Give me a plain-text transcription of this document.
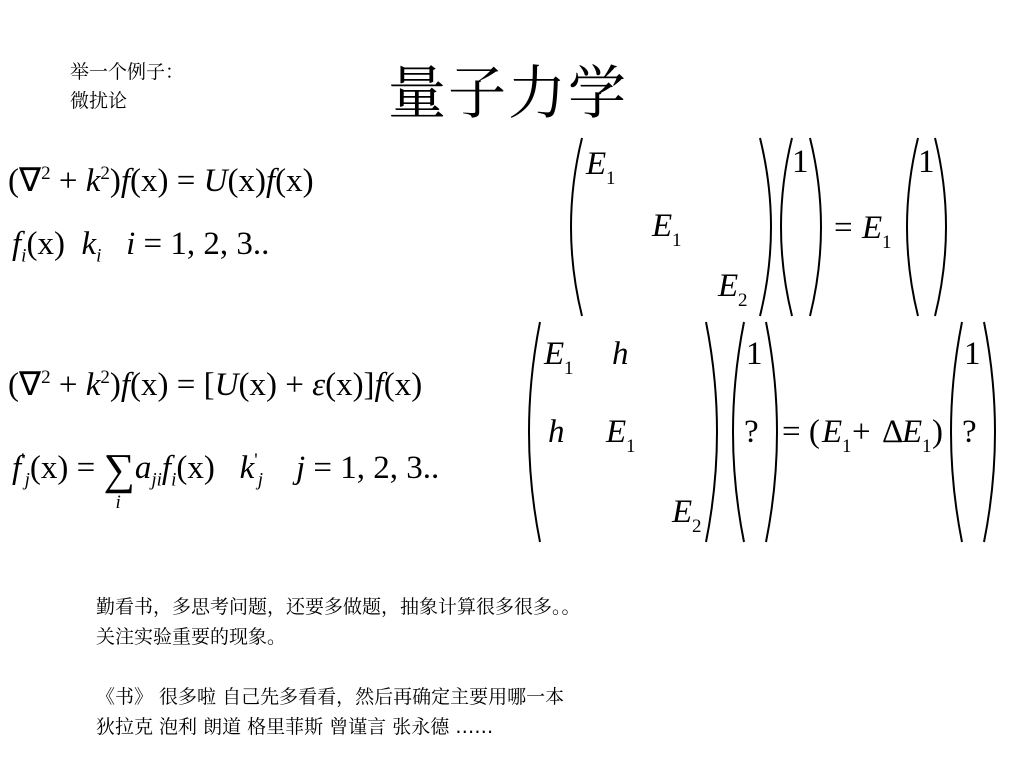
举一个例子：
微扰论	量子力学
$(\nabla^2 + k^2)f(x) = U(x)f(x)$
$f_i(x)$ $k_i$ i = 1, 2, 3..
$(\nabla^2 + k^2)f(x) = [U(x) + \varepsilon(x)]f(x)$
$f'_j(x)$ = ∑
i
$a_{ji}f_i(x)$ $k'_j$ j = 1, 2, 3..
E 1
E 1
E 2
1
= E 1
1
E 1 h
h E 1
E 2
1
? = ( E 1 + Δ
E 1 )
1
?
勤看书，多思考问题，还要多做题，抽象计算很多很多。。
关注实验重要的现象。
《书》 很多啦 自己先多看看，然后再确定主要用哪一本
狄拉克 泡利 朗道 格里菲斯 曾谨言 张永德 ……
